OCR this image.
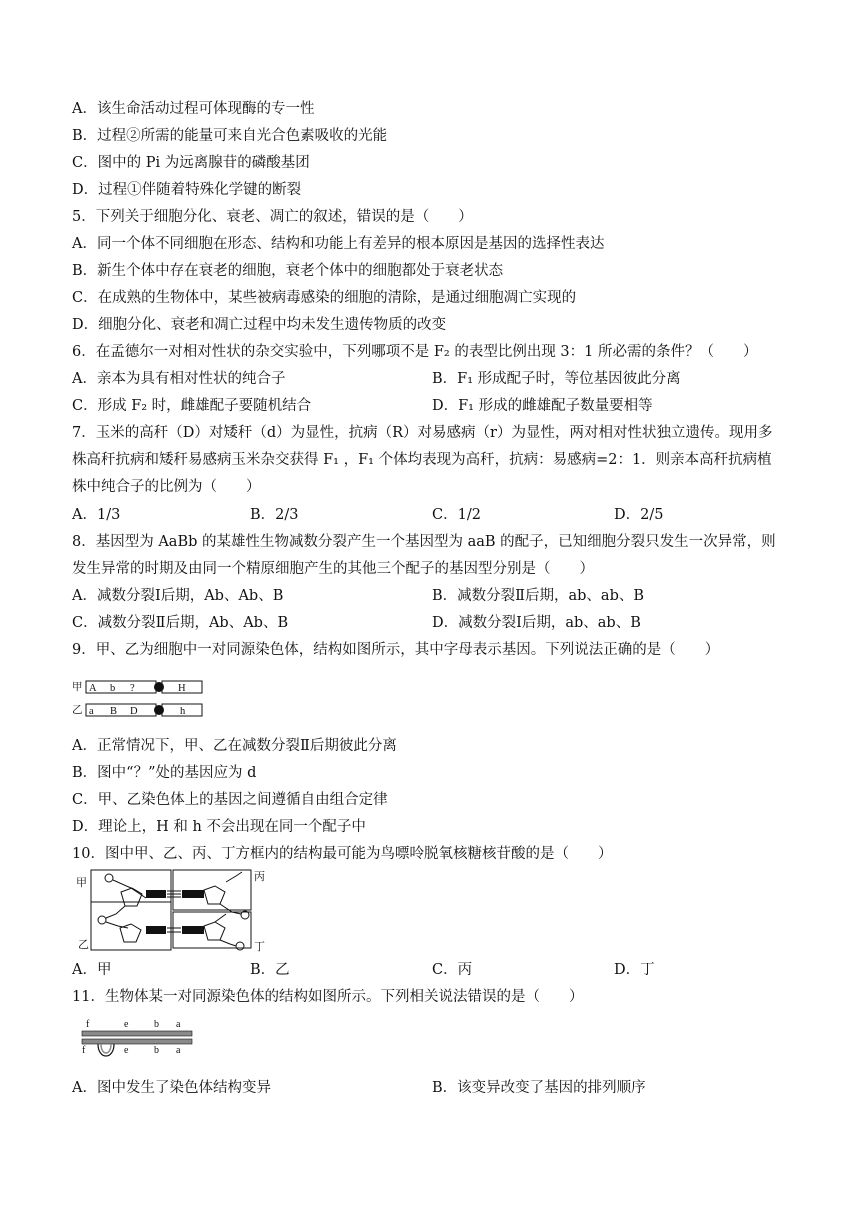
A．该生命活动过程可体现酶的专一性
B．过程②所需的能量可来自光合色素吸收的光能
C．图中的 Pi 为远离腺苷的磷酸基团
D．过程①伴随着特殊化学键的断裂
5．下列关于细胞分化、衰老、凋亡的叙述，错误的是（　　）
A．同一个体不同细胞在形态、结构和功能上有差异的根本原因是基因的选择性表达
B．新生个体中存在衰老的细胞，衰老个体中的细胞都处于衰老状态
C．在成熟的生物体中，某些被病毒感染的细胞的清除，是通过细胞凋亡实现的
D．细胞分化、衰老和凋亡过程中均未发生遗传物质的改变
6．在孟德尔一对相对性状的杂交实验中，下列哪项不是 F₂ 的表型比例出现 3：1 所必需的条件？（　　）
A．亲本为具有相对性状的纯合子	B．F₁ 形成配子时，等位基因彼此分离
C．形成 F₂ 时，雌雄配子要随机结合	D．F₁ 形成的雌雄配子数量要相等
7．玉米的高秆（D）对矮秆（d）为显性，抗病（R）对易感病（r）为显性，两对相对性状独立遗传。现用多
株高秆抗病和矮秆易感病玉米杂交获得 F₁ ，F₁ 个体均表现为高秆，抗病：易感病=2：1．则亲本高秆抗病植
株中纯合子的比例为（　　）
A．1/3	B．2/3	C．1/2	D．2/5
8．基因型为 AaBb 的某雄性生物减数分裂产生一个基因型为 aaB 的配子，已知细胞分裂只发生一次异常，则
发生异常的时期及由同一个精原细胞产生的其他三个配子的基因型分别是（　　）
A．减数分裂Ⅰ后期，Ab、Ab、B	B．减数分裂Ⅱ后期，ab、ab、B
C．减数分裂Ⅱ后期，Ab、Ab、B	D．减数分裂Ⅰ后期，ab、ab、B
9．甲、乙为细胞中一对同源染色体，结构如图所示，其中字母表示基因。下列说法正确的是（　　）
甲
乙
A b ?	H
a B D	h
A．正常情况下，甲、乙在减数分裂Ⅱ后期彼此分离
B．图中“？”处的基因应为 d
C．甲、乙染色体上的基因之间遵循自由组合定律
D．理论上，H 和 h 不会出现在同一个配子中
10．图中甲、乙、丙、丁方框内的结构最可能为鸟嘌呤脱氧核糖核苷酸的是（　　）
甲
乙
丙
丁
A．甲	B．乙	C．丙	D．丁
11．生物体某一对同源染色体的结构如图所示。下列相关说法错误的是（　　）
f	e	b a
f	e	b a
A．图中发生了染色体结构变异	B．该变异改变了基因的排列顺序
